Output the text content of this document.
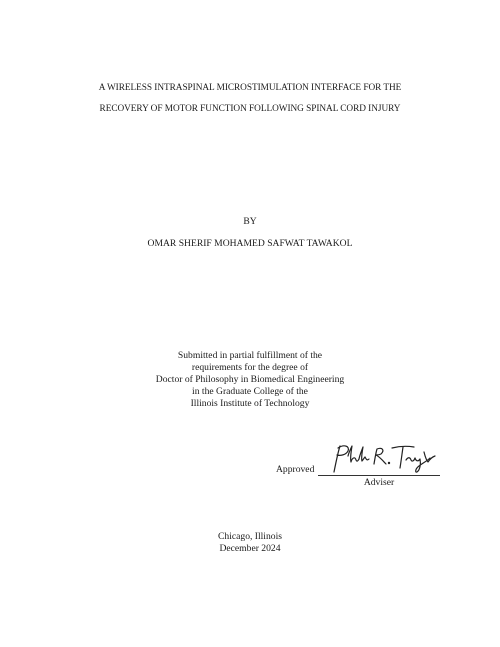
A WIRELESS INTRASPINAL MICROSTIMULATION INTERFACE FOR THE
RECOVERY OF MOTOR FUNCTION FOLLOWING SPINAL CORD INJURY
BY
OMAR SHERIF MOHAMED SAFWAT TAWAKOL
Submitted in partial fulfillment of the
requirements for the degree of
Doctor of Philosophy in Biomedical Engineering
in the Graduate College of the
Illinois Institute of Technology
Approved
Adviser
Chicago, Illinois
December 2024
